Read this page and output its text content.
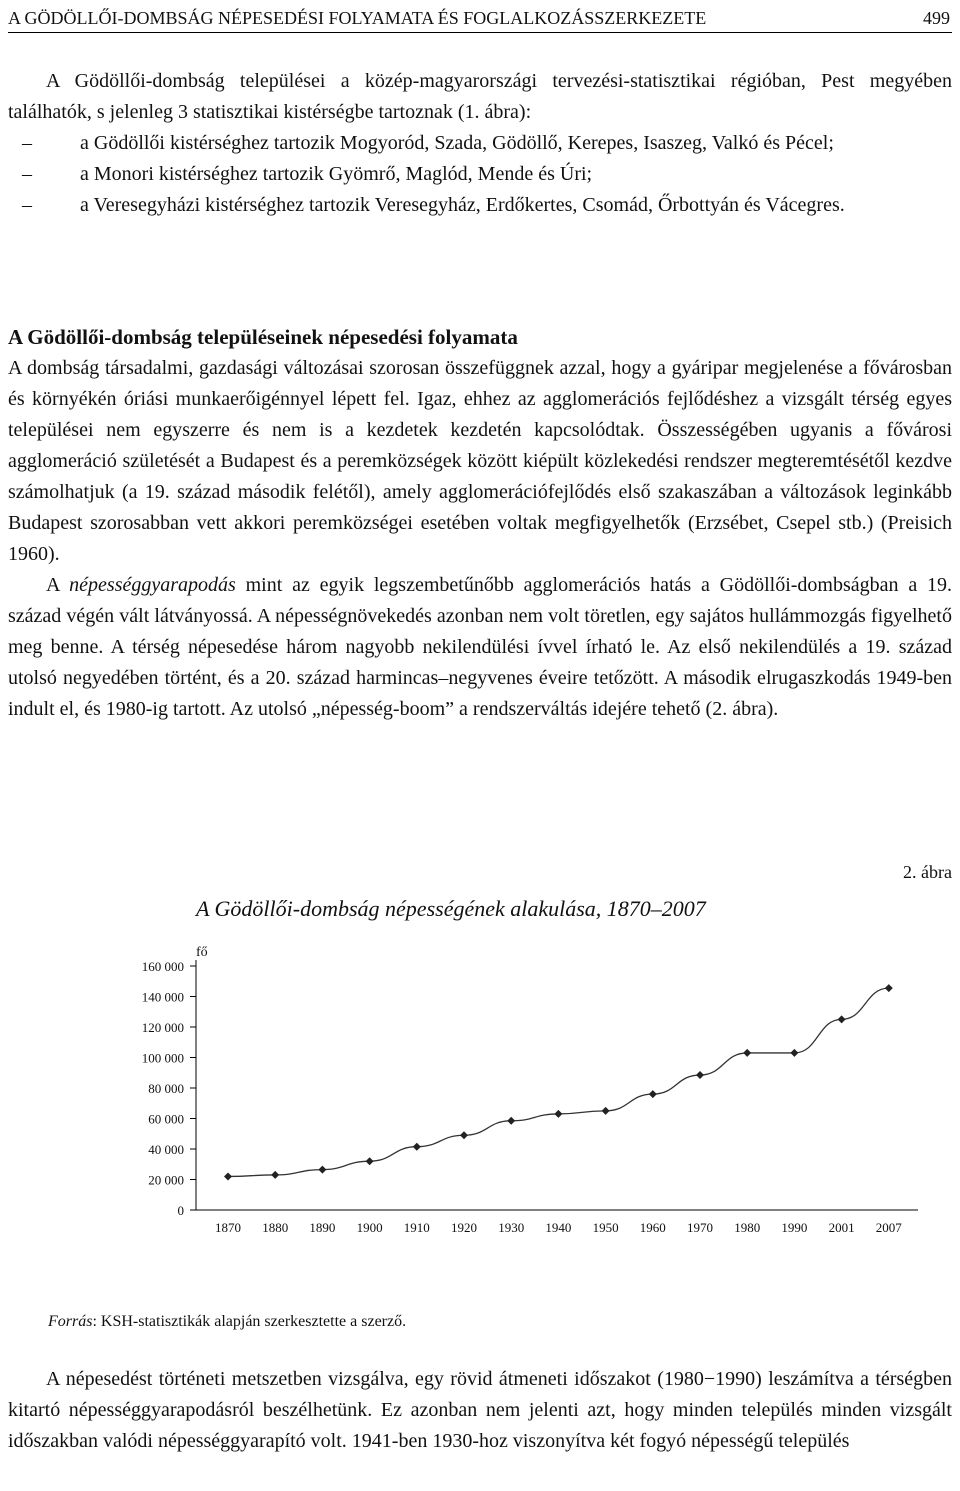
A GÖDÖLLŐI-DOMBSÁG NÉPESEDÉSI FOLYAMATA ÉS FOGLALKOZÁSSZERKEZETE	499
A Gödöllői-dombság települései a közép-magyarországi tervezési-statisztikai régióban, Pest megyében találhatók, s jelenleg 3 statisztikai kistérségbe tartoznak (1. ábra):
– a Gödöllői kistérséghez tartozik Mogyoród, Szada, Gödöllő, Kerepes, Isaszeg, Valkó és Pécel;
– a Monori kistérséghez tartozik Gyömrő, Maglód, Mende és Úri;
– a Veresegyházi kistérséghez tartozik Veresegyház, Erdőkertes, Csomád, Őrbottyán és Vácegres.
A Gödöllői-dombság településeinek népesedési folyamata

A dombság társadalmi, gazdasági változásai szorosan összefüggnek azzal, hogy a gyáripar megjelenése a fővárosban és környékén óriási munkaerőigénnyel lépett fel. Igaz, ehhez az agglomerációs fejlődéshez a vizsgált térség egyes települései nem egyszerre és nem is a kezdetek kezdetén kapcsolódtak. Összességében ugyanis a fővárosi agglomeráció születését a Budapest és a peremközségek között kiépült közlekedési rendszer megteremtésétől kezdve számolhatjuk (a 19. század második felétől), amely agglomerációfejlődés első szakaszában a változások leginkább Budapest szorosabban vett akkori peremközségei esetében voltak megfigyelhetők (Erzsébet, Csepel stb.) (Preisich 1960).

A népességgyarapodás mint az egyik legszembetűnőbb agglomerációs hatás a Gödöllői-dombságban a 19. század végén vált látványossá. A népességnövekedés azonban nem volt töretlen, egy sajátos hullámmozgás figyelhető meg benne. A térség népesedése három nagyobb nekilendülési ívvel írható le. Az első nekilendülés a 19. század utolsó negyedében történt, és a 20. század harmincas–negyvenes éveire tetőzött. A második elrugaszkodás 1949-ben indult el, és 1980-ig tartott. Az utolsó „népesség-boom” a rendszerváltás idejére tehető (2. ábra).

2. ábra
A Gödöllői-dombság népességének alakulása, 1870–2007
0
20 000
40 000
60 000
80 000
100 000
120 000
140 000
160 000
fő
1870 1880 1890 1900 1910 1920 1930 1940 1950 1960 1970 1980 1990 2001 2007
Forrás: KSH-statisztikák alapján szerkesztette a szerző.

A népesedést történeti metszetben vizsgálva, egy rövid átmeneti időszakot (1980−1990) leszámítva a térségben kitartó népességgyarapodásról beszélhetünk. Ez azonban nem jelenti azt, hogy minden település minden vizsgált időszakban valódi népességgyarapító volt. 1941-ben 1930-hoz viszonyítva két fogyó népességű település
